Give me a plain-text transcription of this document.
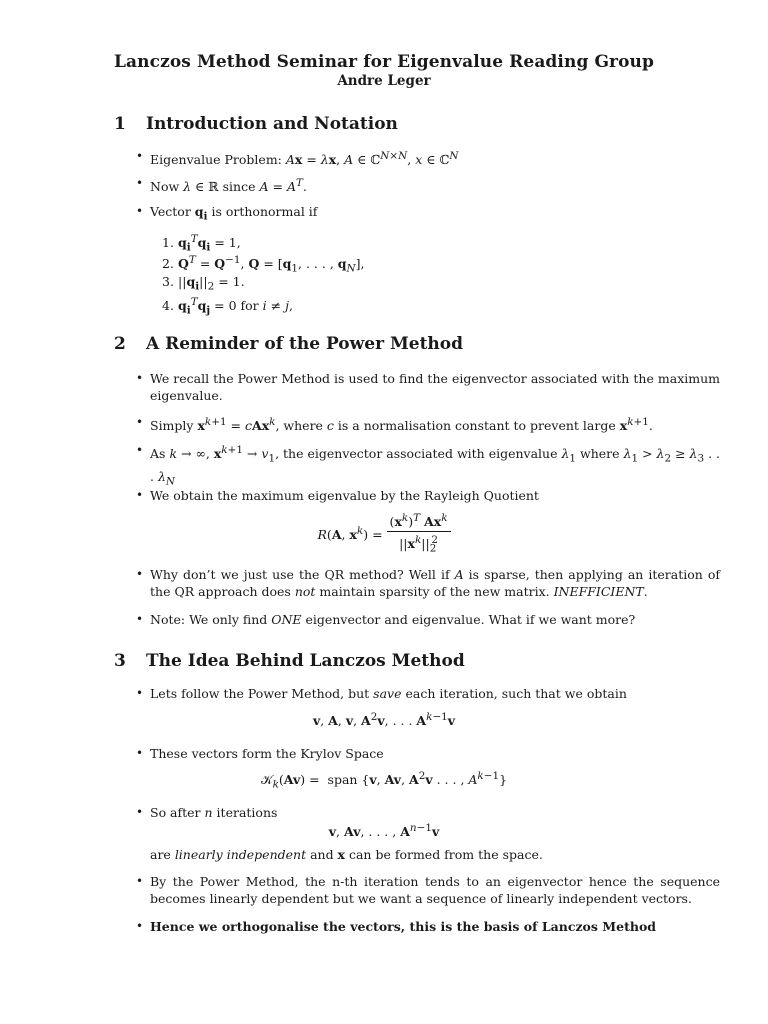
Lanczos Method Seminar for Eigenvalue Reading Group
Andre Leger
1 Introduction and Notation
• Eigenvalue Problem: Ax = λx, A ∈ ℂ$^{N\times N}$, x ∈ ℂ$^N$
• Now λ ∈ ℝ since $A = A^T$.
• Vector $q_i$ is orthonormal if
1. $q_i^Tq_i = 1$,
2. $Q^T = Q^{-1}$, $Q = [q_1$, . . . , $q_N$],
3. $||q_i||_2 = 1$.
4. $q_i^Tq_j = 0$ for i ≠ j,
2 A Reminder of the Power Method
• We recall the Power Method is used to find the eigenvector associated with the maximum eigenvalue.
• Simply $x^{k+1} = cAx^k$, where c is a normalisation constant to prevent large $x^{k+1}$.
• As k → ∞, $x^{k+1} \to v_1$, the eigenvector associated with eigenvalue $\lambda_1$ where $\lambda_1 > \lambda_2 \ge \lambda_3$ . . . $\lambda_N$
• We obtain the maximum eigenvalue by the Rayleigh Quotient
R(A, $x^k) = \frac{(x^k)^T Ax^k}{||x^k||_2^2}$
• Why don’t we just use the QR method? Well if A is sparse, then applying an iteration of the QR approach does not maintain sparsity of the new matrix. INEFFICIENT.
• Note: We only find ONE eigenvector and eigenvalue. What if we want more?
3 The Idea Behind Lanczos Method
• Lets follow the Power Method, but save each iteration, such that we obtain
v, A, v, $A^2v$, . . . $A^{k-1}v$
• These vectors form the Krylov Space
𝒦$_k$(Av) =  span {v, Av, $A^2v$ . . . , $A^{k-1}$}
• So after n iterations
v, Av, . . . , $A^{n-1}v$
are linearly independent and x can be formed from the space.
• By the Power Method, the n-th iteration tends to an eigenvector hence the sequence becomes linearly dependent but we want a sequence of linearly independent vectors.
• Hence we orthogonalise the vectors, this is the basis of Lanczos Method
